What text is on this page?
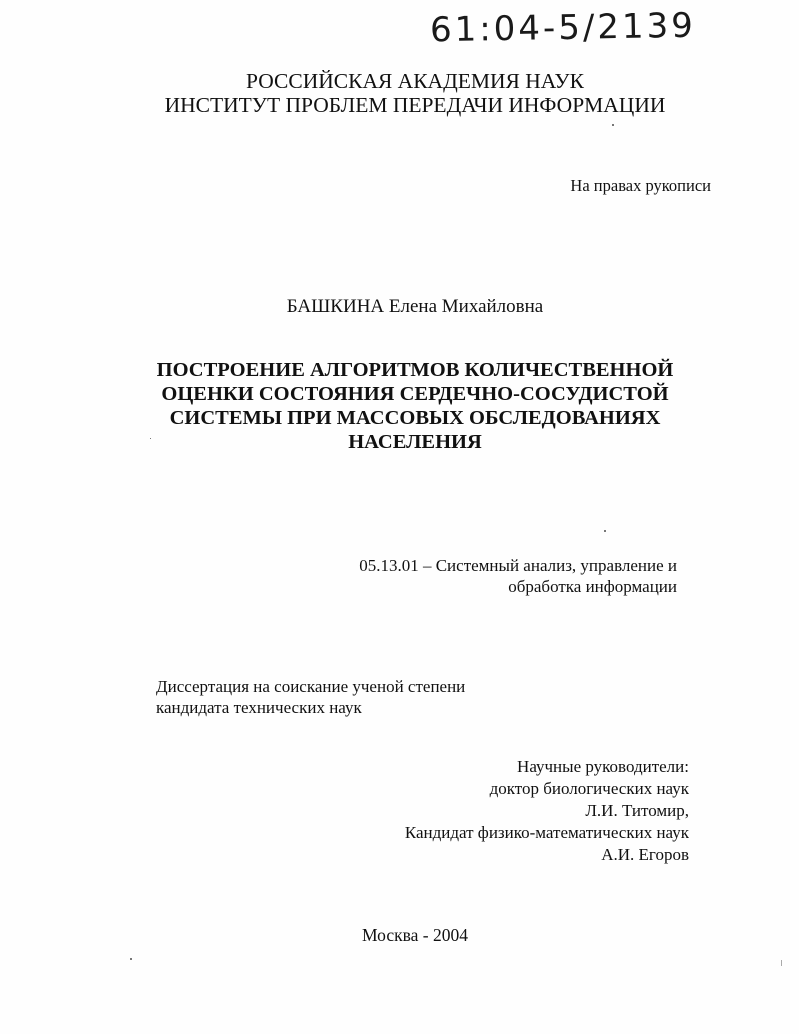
61:04-5/2139
РОССИЙСКАЯ АКАДЕМИЯ НАУК
ИНСТИТУТ ПРОБЛЕМ ПЕРЕДАЧИ ИНФОРМАЦИИ
На правах рукописи
БАШКИНА Елена Михайловна
ПОСТРОЕНИЕ АЛГОРИТМОВ КОЛИЧЕСТВЕННОЙ
ОЦЕНКИ СОСТОЯНИЯ СЕРДЕЧНО-СОСУДИСТОЙ
СИСТЕМЫ ПРИ МАССОВЫХ ОБСЛЕДОВАНИЯХ
НАСЕЛЕНИЯ
05.13.01 – Системный анализ, управление и
обработка информации
Диссертация на соискание ученой степени
кандидата технических наук
Научные руководители:
доктор биологических наук
Л.И. Титомир,
Кандидат физико-математических наук
А.И. Егоров
Москва - 2004
